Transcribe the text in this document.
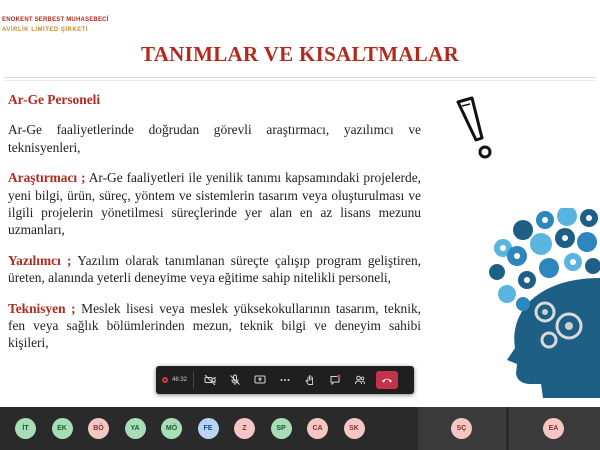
ENOKENT SERBEST MUHASEBECİ
AVİRLİK LİMİTED ŞİRKETİ
TANIMLAR VE KISALTMALAR

Ar-Ge Personeli

Ar-Ge faaliyetlerinde doğrudan görevli araştırmacı, yazılımcı ve teknisyenleri,

Araştırmacı ; Ar-Ge faaliyetleri ile yenilik tanımı kapsamındaki projelerde, yeni bilgi, ürün, süreç, yöntem ve sistemlerin tasarım veya oluşturulması ve ilgili projelerin yönetilmesi süreçlerinde yer alan en az lisans mezunu uzmanları,

Yazılımcı ; Yazılım olarak tanımlanan süreçte çalışıp program geliştiren, üreten, alanında yeterli deneyime veya eğitime sahip nitelikli personeli,

Teknisyen ; Meslek lisesi veya meslek yüksekokullarının tasarım, teknik, fen veya sağlık bölümlerinden mezun, teknik bilgi ve deneyim sahibi kişileri,

46:32
İT	EK	BÖ	YA	MÖ	FE	Z	SP	CA	SK	SÇ	EA
